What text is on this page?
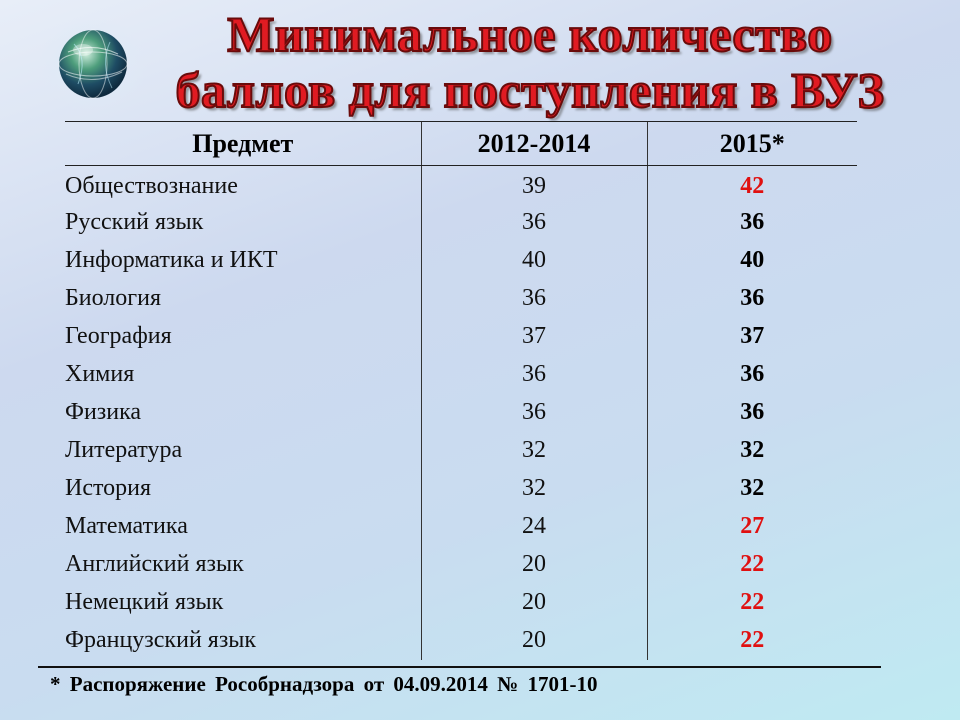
Минимальное количество
баллов для поступления в ВУЗ
Предмет	2012-2014	2015*
Обществознание	39	42
Русский язык	36	36
Информатика и ИКТ	40	40
Биология	36	36
География	37	37
Химия	36	36
Физика	36	36
Литература	32	32
История	32	32
Математика	24	27
Английский язык	20	22
Немецкий язык	20	22
Французский язык	20	22
* Распоряжение Рособрнадзора от 04.09.2014 № 1701-10
